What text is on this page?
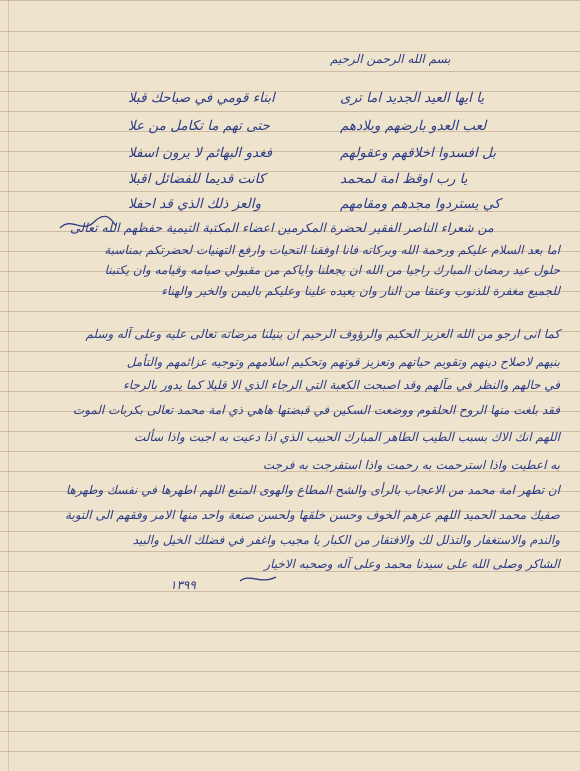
بسم الله الرحمن الرحيم
يا ايها العيد الجديد اما ترى
ابناء قومي في صباحك قبلا
لعب العدو بارضهم وبلادهم
حتى تهم ما تكامل من علا
بل افسدوا اخلاقهم وعقولهم
فغدو البهائم لا يرون اسفلا
يا رب اوقظ امة لمحمد
كانت قديما للفضائل اقبلا
كي يستردوا مجدهم ومقامهم
والعز ذلك الذي قد احفلا
من شعراء الناصر الفقير لحضرة المكرمين اعضاء المكتبة التيمية حفظهم الله تعالى
اما بعد السلام عليكم ورحمة الله وبركاته فانا اوفقنا التحيات وارفع التهنيات لحضرتكم بمناسبة
حلول عيد رمضان المبارك راجيا من الله ان يجعلنا واياكم من مقبولي صيامه وقيامه وان يكتبنا
للجميع مغفرة للذنوب وعتقا من النار وان يعيده علينا وعليكم باليمن والخير والهناء
كما انى ارجو من الله العزيز الحكيم والرؤوف الرحيم ان ينيلنا مرضاته تعالى عليه وعلى آله وسلم
بنيهم لاصلاح دينهم وتقويم حياتهم وتعزيز قوتهم وتحكيم اسلامهم وتوجيه عزائمهم والتأمل
في حالهم والنظر في مآلهم وقد اصبحت الكعبة التي الرجاء الذي الا قليلا كما يدور بالرجاء
فقد بلغت منها الروح الحلقوم ووضعت السكين في قبضتها هاهي ذي امة محمد تعالى بكربات الموت
اللهم انك الاك بسبب الطيب الطاهر المبارك الحبيب الذي اذا دعيت به اجبت واذا سألت
به اعطيت واذا استرحمت به رحمت واذا استفرجت به فرجت
ان تطهر امة محمد من الاعجاب بالرأى والشح المطاع والهوى المتبع اللهم اطهرها في نفسك وطهرها
صفيك محمد الحميد اللهم عزهم الخوف وحسن خلقها ولحسن صنعة واحد منها الامر وفقهم الى التوبة
والندم والاستغفار والتذلل لك والافتقار من الكبار يا مجيب واغفر في فضلك الخيل والبيد
الشاكر وصلى الله على سيدنا محمد وعلى آله وصحبه الاخيار
١٣٩٩
